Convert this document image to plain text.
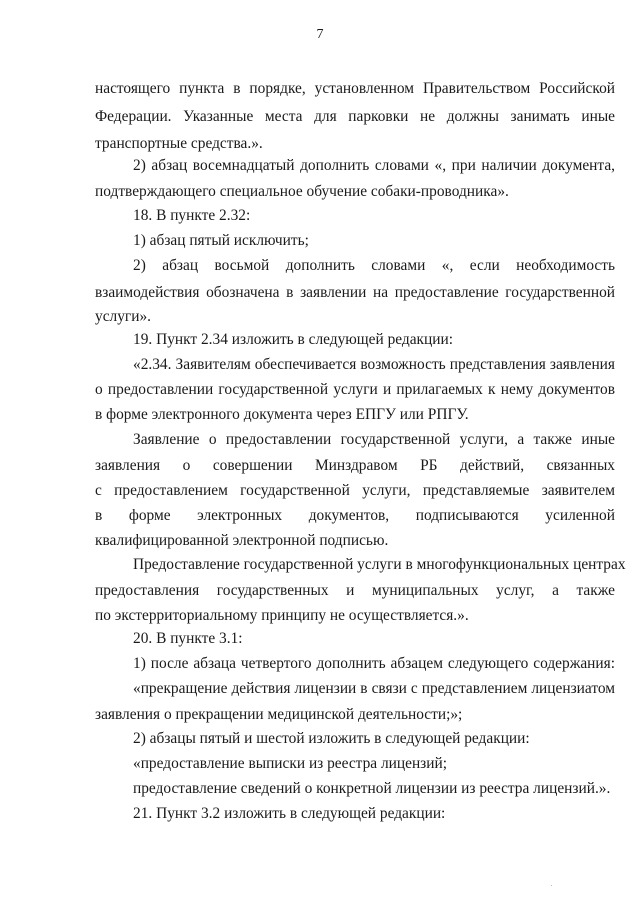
7
настоящего пункта в порядке, установленном Правительством Российской
Федерации. Указанные места для парковки не должны занимать иные
транспортные средства.».
2) абзац восемнадцатый дополнить словами «, при наличии документа,
подтверждающего специальное обучение собаки-проводника».
18. В пункте 2.32:
1) абзац пятый исключить;
2) абзац восьмой дополнить словами «, если необходимость
взаимодействия обозначена в заявлении на предоставление государственной
услуги».
19. Пункт 2.34 изложить в следующей редакции:
«2.34. Заявителям обеспечивается возможность представления заявления
о предоставлении государственной услуги и прилагаемых к нему документов
в форме электронного документа через ЕПГУ или РПГУ.
Заявление о предоставлении государственной услуги, а также иные
заявления о совершении Минздравом РБ действий, связанных
с предоставлением государственной услуги, представляемые заявителем
в форме электронных документов, подписываются усиленной
квалифицированной электронной подписью.
Предоставление государственной услуги в многофункциональных центрах
предоставления государственных и муниципальных услуг, а также
по экстерриториальному принципу не осуществляется.».
20. В пункте 3.1:
1) после абзаца четвертого дополнить абзацем следующего содержания:
«прекращение действия лицензии в связи с представлением лицензиатом
заявления о прекращении медицинской деятельности;»;
2) абзацы пятый и шестой изложить в следующей редакции:
«предоставление выписки из реестра лицензий;
предоставление сведений о конкретной лицензии из реестра лицензий.».
21. Пункт 3.2 изложить в следующей редакции:
